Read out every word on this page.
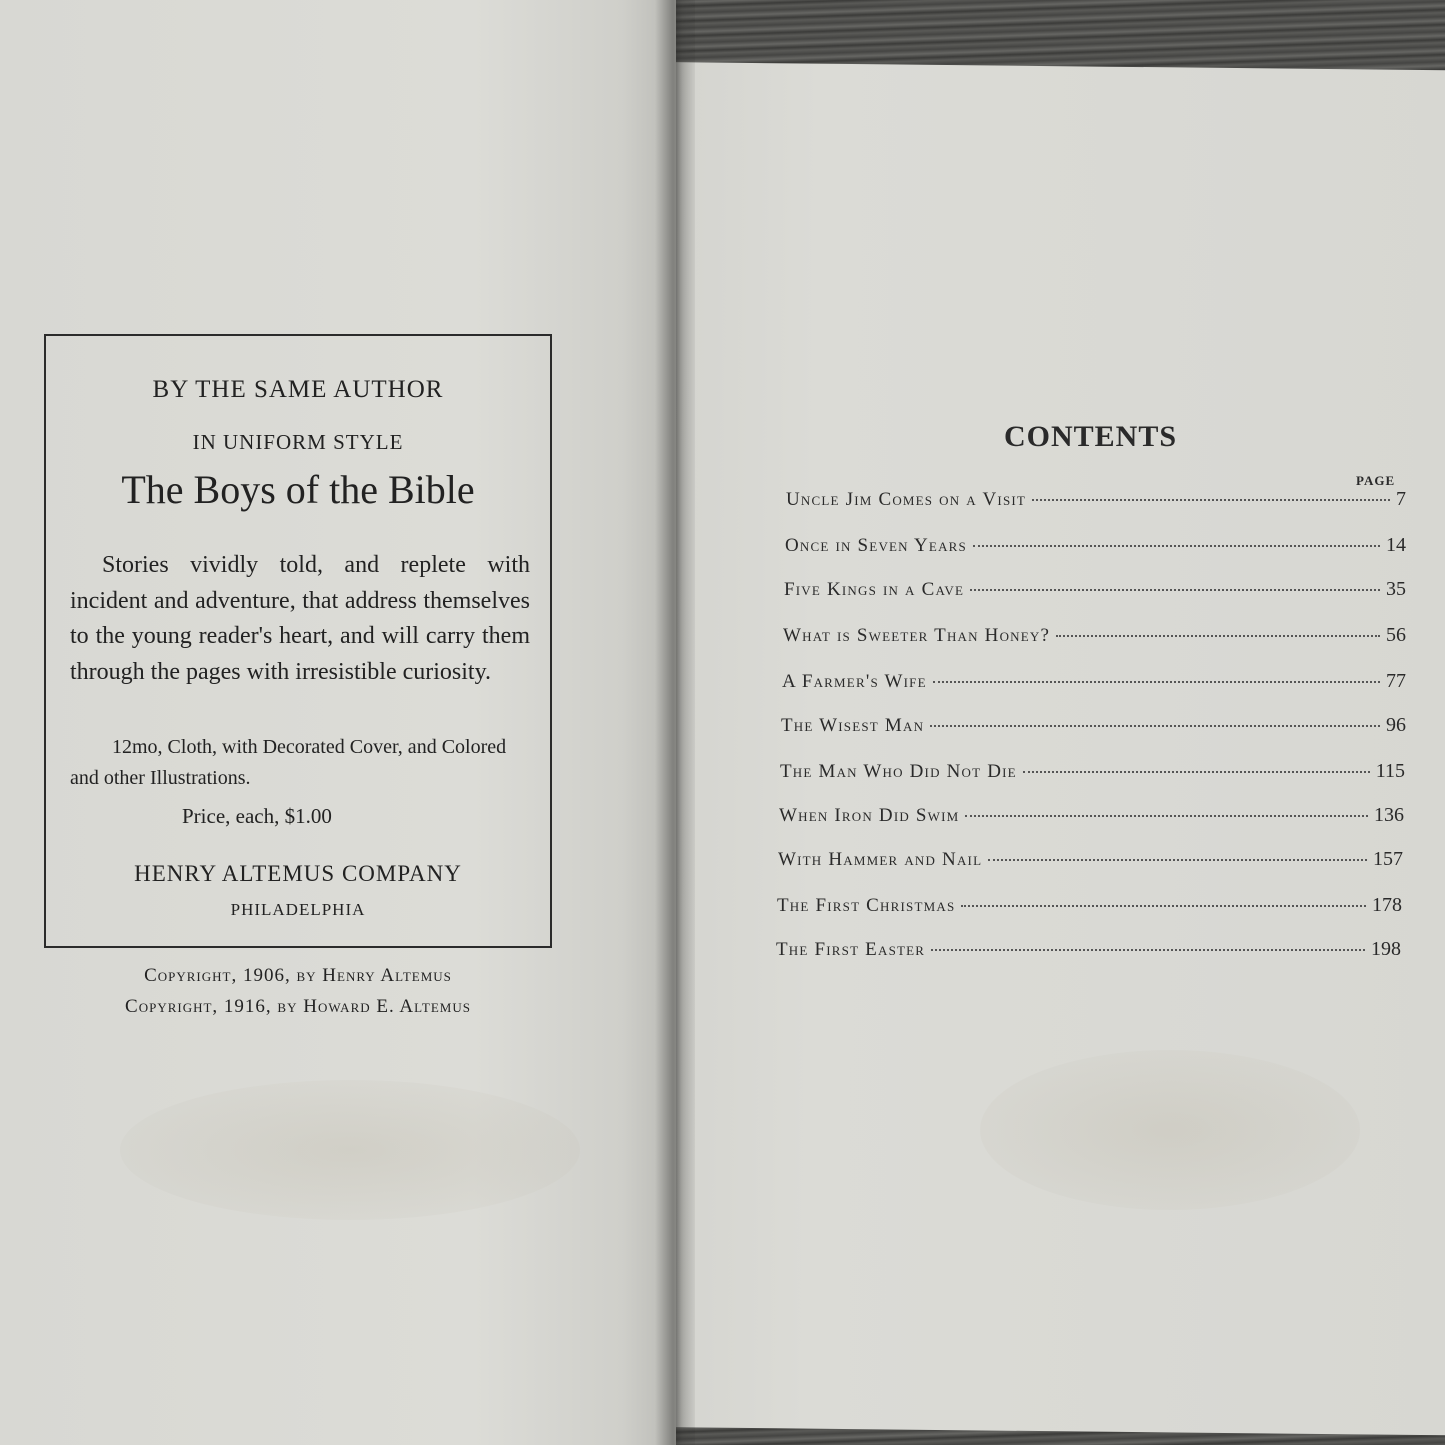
BY THE SAME AUTHOR
IN UNIFORM STYLE
The Boys of the Bible
Stories vividly told, and replete with incident and adventure, that address themselves to the young reader's heart, and will carry them through the pages with irresistible curiosity.
12mo, Cloth, with Decorated Cover, and Colored and other Illustrations.
Price, each, $1.00
HENRY ALTEMUS COMPANY
PHILADELPHIA
Copyright, 1906, by Henry Altemus
Copyright, 1916, by Howard E. Altemus
CONTENTS
PAGE
Uncle Jim Comes on a Visit	7
Once in Seven Years	14
Five Kings in a Cave	35
What is Sweeter Than Honey?	56
A Farmer's Wife	77
The Wisest Man	96
The Man Who Did Not Die	115
When Iron Did Swim	136
With Hammer and Nail	157
The First Christmas	178
The First Easter	198
